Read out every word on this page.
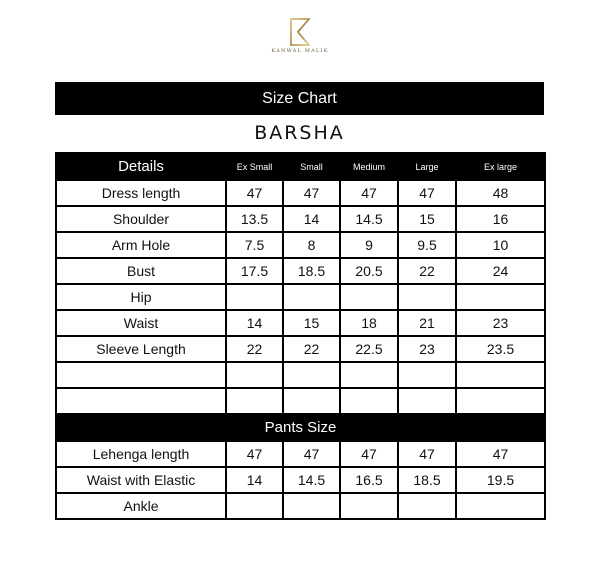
KANWAL MALIK
Size Chart
BARSHA
Details	Ex Small	Small	Medium	Large	Ex large
Dress length	47	47	47	47	48
Shoulder	13.5	14	14.5	15	16
Arm Hole	7.5	8	9	9.5	10
Bust	17.5	18.5	20.5	22	24
Hip					
Waist	14	15	18	21	23
Sleeve Length	22	22	22.5	23	23.5

Pants Size					
Lehenga length	47	47	47	47	47
Waist with Elastic	14	14.5	16.5	18.5	19.5
Ankle					
